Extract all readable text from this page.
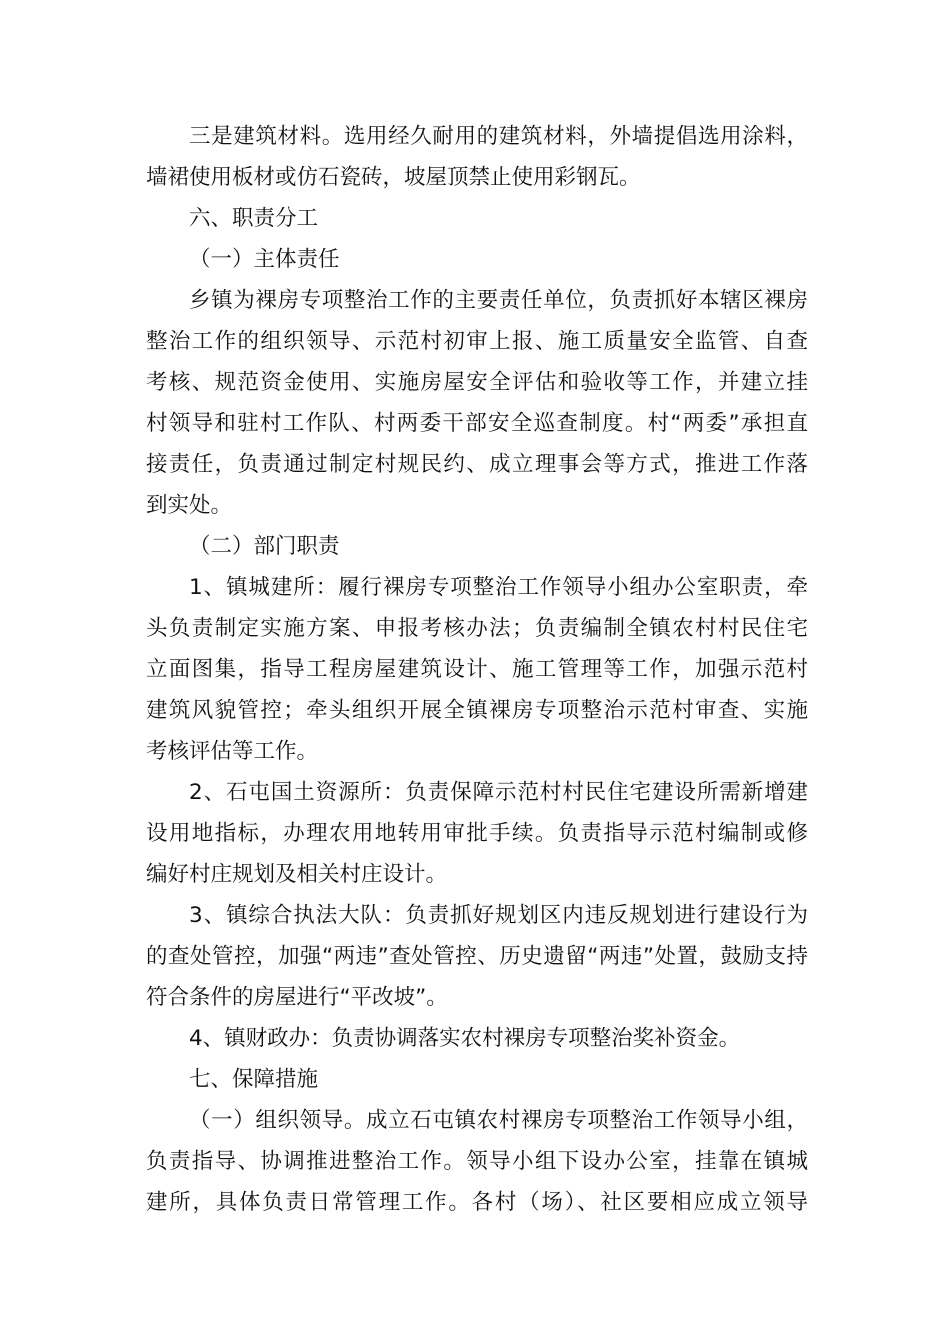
三是建筑材料。选用经久耐用的建筑材料，外墙提倡选用涂料，
墙裙使用板材或仿石瓷砖，坡屋顶禁止使用彩钢瓦。
六、职责分工
（一）主体责任
乡镇为裸房专项整治工作的主要责任单位，负责抓好本辖区裸房
整治工作的组织领导、示范村初审上报、施工质量安全监管、自查
考核、规范资金使用、实施房屋安全评估和验收等工作，并建立挂
村领导和驻村工作队、村两委干部安全巡查制度。村“两委”承担直
接责任，负责通过制定村规民约、成立理事会等方式，推进工作落
到实处。
（二）部门职责
1、镇城建所：履行裸房专项整治工作领导小组办公室职责，牵
头负责制定实施方案、申报考核办法；负责编制全镇农村村民住宅
立面图集，指导工程房屋建筑设计、施工管理等工作，加强示范村
建筑风貌管控；牵头组织开展全镇裸房专项整治示范村审查、实施
考核评估等工作。
2、石屯国土资源所：负责保障示范村村民住宅建设所需新增建
设用地指标，办理农用地转用审批手续。负责指导示范村编制或修
编好村庄规划及相关村庄设计。
3、镇综合执法大队：负责抓好规划区内违反规划进行建设行为
的查处管控，加强“两违”查处管控、历史遗留“两违”处置，鼓励支持
符合条件的房屋进行“平改坡”。
4、镇财政办：负责协调落实农村裸房专项整治奖补资金。
七、保障措施
（一）组织领导。成立石屯镇农村裸房专项整治工作领导小组，
负责指导、协调推进整治工作。领导小组下设办公室，挂靠在镇城
建所，具体负责日常管理工作。各村（场）、社区要相应成立领导
